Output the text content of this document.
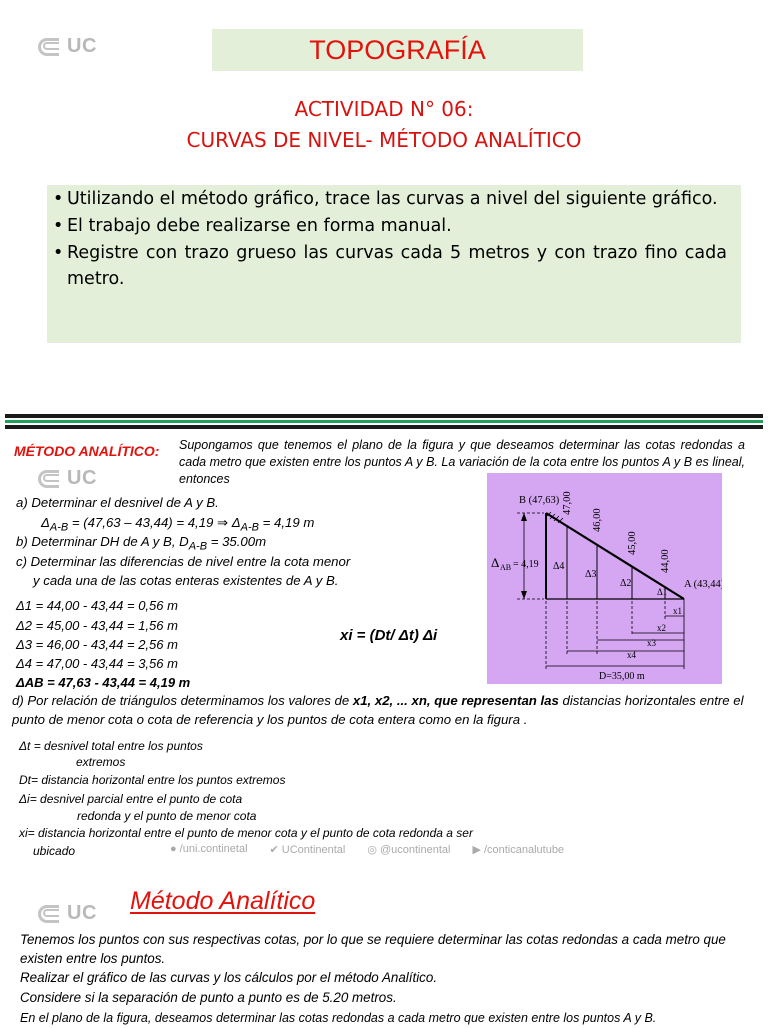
UC	TOPOGRAFÍA
ACTIVIDAD N° 06:
CURVAS DE NIVEL- MÉTODO ANALÍTICO
• Utilizando el método gráfico, trace las curvas a nivel del siguiente gráfico.
• El trabajo debe realizarse en forma manual.
• Registre con trazo grueso las curvas cada 5 metros y con trazo fino cada metro.
MÉTODO ANALÍTICO: Supongamos que tenemos el plano de la figura y que deseamos determinar las cotas redondas a cada metro que existen entre los puntos A y B. La variación de la cota entre los puntos A y B es lineal, entonces
UC
a) Determinar el desnivel de A y B.
$\Delta_{A-B} = (47,63 - 43,44) = 4,19$ ⇒ $\Delta_{A-B} = 4,19$ m
b) Determinar DH de A y B, $D_{A-B} = 35.00m$
c) Determinar las diferencias de nivel entre la cota menor
y cada una de las cotas enteras existentes de A y B.
Δ1 = 44,00 - 43,44 = 0,56 m
Δ2 = 45,00 - 43,44 = 1,56 m
Δ3 = 46,00 - 43,44 = 2,56 m
Δ4 = 47,00 - 43,44 = 3,56 m
ΔAB = 47,63 - 43,44 = 4,19 m
xi = (Dt/ Δt) Δi
B (47,63)
A (43,44)
Δ AB = 4,19
47,00
46,00
45,00
44,00
Δ4
Δ3
Δ2
Δ1
x1
x2
x3
x4
D=35,00 m
d) Por relación de triángulos determinamos los valores de x1, x2, ... xn, que representan las distancias horizontales entre el punto de menor cota o cota de referencia y los puntos de cota entera como en la figura .
Δt = desnivel total entre los puntos
extremos
Dt= distancia horizontal entre los puntos extremos
Δi= desnivel parcial entre el punto de cota
redonda y el punto de menor cota
xi= distancia horizontal entre el punto de menor cota y el punto de cota redonda a ser
ubicado	● /uni.continetal ✔ UContinental ◎ @ucontinental ▶ /conticanalutube
UC Método Analítico
Tenemos los puntos con sus respectivas cotas, por lo que se requiere determinar las cotas redondas a cada metro que existen entre los puntos.
Realizar el gráfico de las curvas y los cálculos por el método Analítico.
Considere si la separación de punto a punto es de 5.20 metros.
En el plano de la figura, deseamos determinar las cotas redondas a cada metro que existen entre los puntos A y B.
